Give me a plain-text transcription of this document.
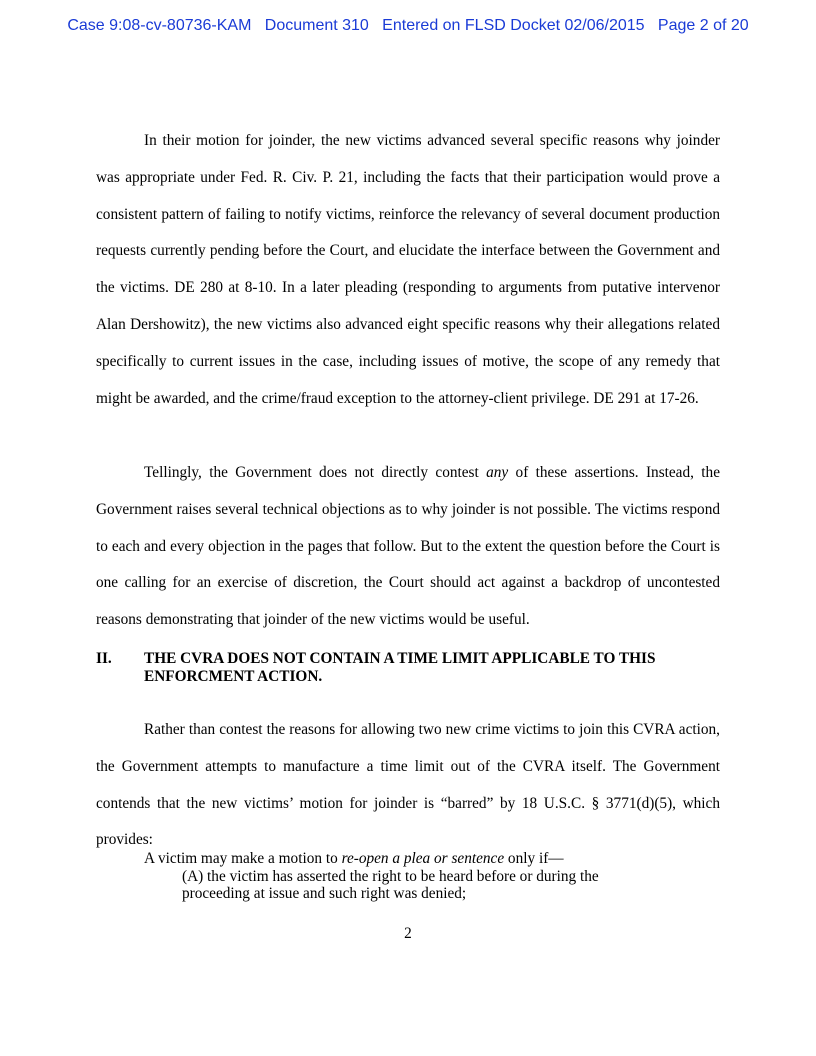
Case 9:08-cv-80736-KAM Document 310 Entered on FLSD Docket 02/06/2015 Page 2 of 20

In their motion for joinder, the new victims advanced several specific reasons why joinder was appropriate under Fed. R. Civ. P. 21, including the facts that their participation would prove a consistent pattern of failing to notify victims, reinforce the relevancy of several document production requests currently pending before the Court, and elucidate the interface between the Government and the victims. DE 280 at 8-10. In a later pleading (responding to arguments from putative intervenor Alan Dershowitz), the new victims also advanced eight specific reasons why their allegations related specifically to current issues in the case, including issues of motive, the scope of any remedy that might be awarded, and the crime/fraud exception to the attorney-client privilege. DE 291 at 17-26.

Tellingly, the Government does not directly contest any of these assertions. Instead, the Government raises several technical objections as to why joinder is not possible. The victims respond to each and every objection in the pages that follow. But to the extent the question before the Court is one calling for an exercise of discretion, the Court should act against a backdrop of uncontested reasons demonstrating that joinder of the new victims would be useful.

II. THE CVRA DOES NOT CONTAIN A TIME LIMIT APPLICABLE TO THIS ENFORCMENT ACTION.

Rather than contest the reasons for allowing two new crime victims to join this CVRA action, the Government attempts to manufacture a time limit out of the CVRA itself. The Government contends that the new victims’ motion for joinder is “barred” by 18 U.S.C. § 3771(d)(5), which provides:

A victim may make a motion to re-open a plea or sentence only if—
(A) the victim has asserted the right to be heard before or during the
proceeding at issue and such right was denied;
2
